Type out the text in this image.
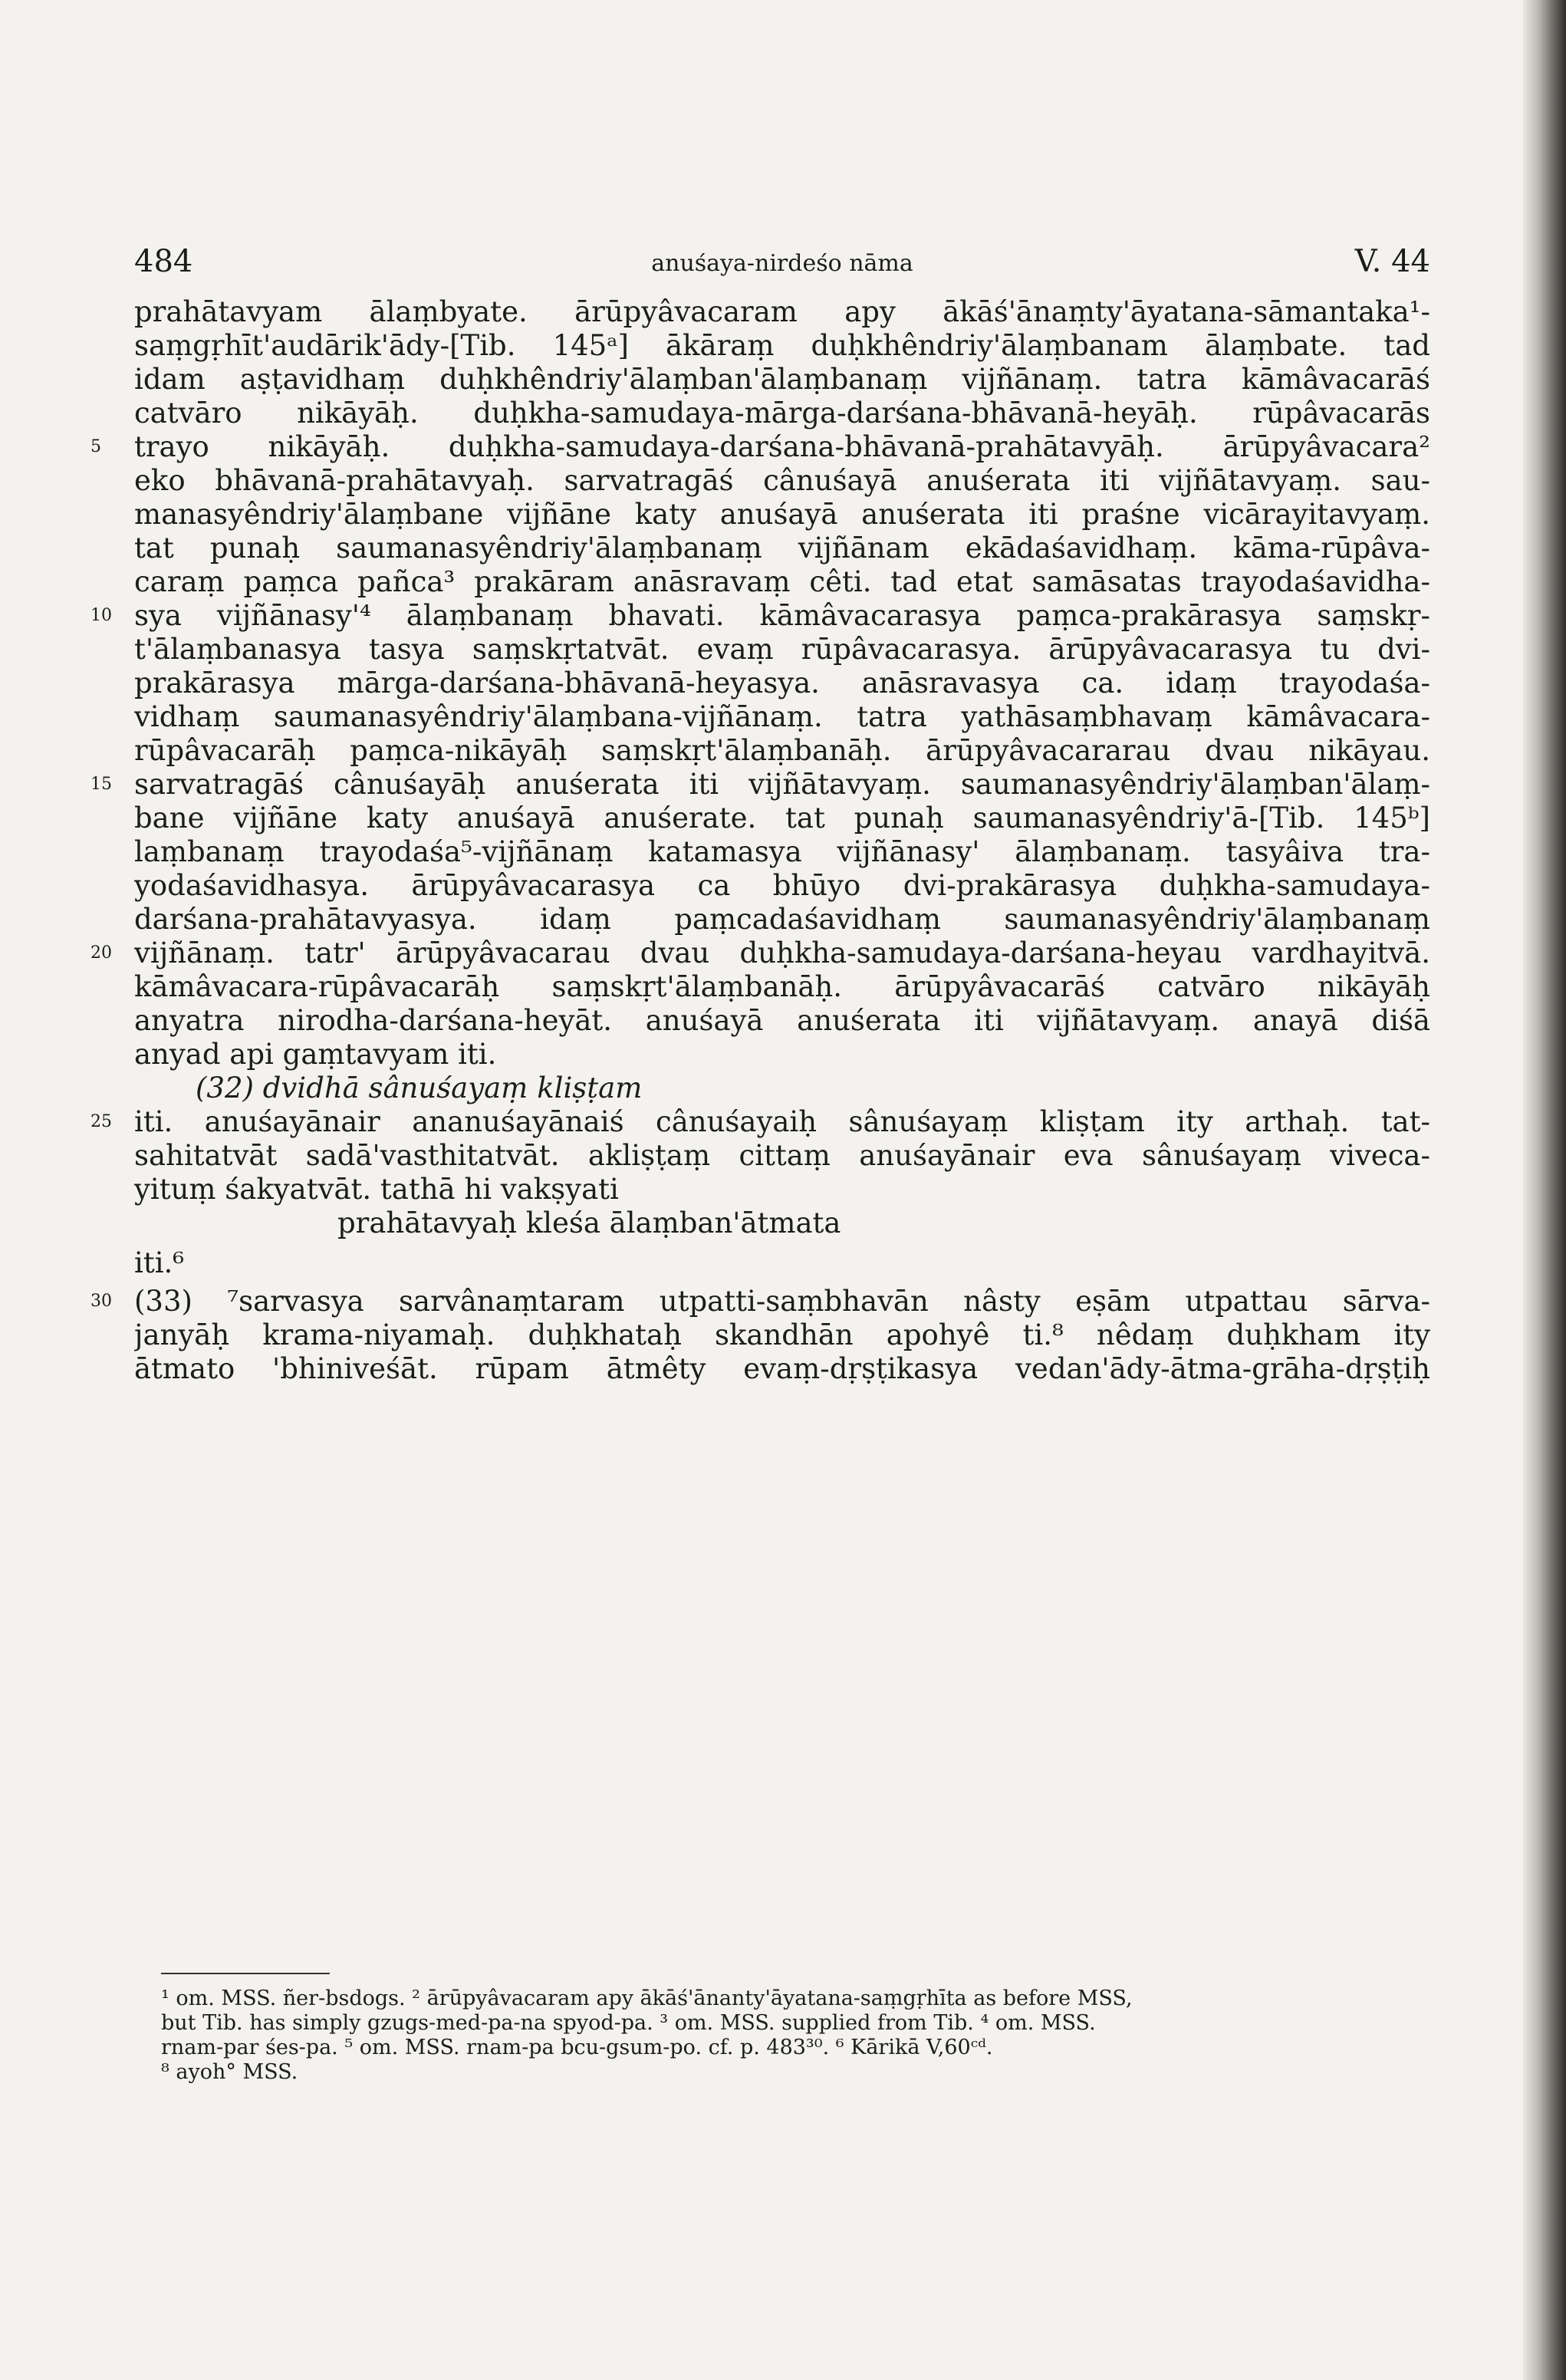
484	anuśaya-nirdeśo nāma	V. 44
prahātavyam ālaṃbyate. ārūpyâvacaram apy ākāś'ānaṃty'āyatana-sāmantaka¹-
saṃgṛhīt'audārik'ādy-[Tib. 145ᵃ] ākāraṃ duḥkhêndriy'ālaṃbanam ālaṃbate. tad
idam aṣṭavidhaṃ duḥkhêndriy'ālaṃban'ālaṃbanaṃ vijñānaṃ. tatra kāmâvacarāś
catvāro nikāyāḥ. duḥkha-samudaya-mārga-darśana-bhāvanā-heyāḥ. rūpâvacarās
trayo nikāyāḥ. duḥkha-samudaya-darśana-bhāvanā-prahātavyāḥ. ārūpyâvacara²
eko bhāvanā-prahātavyaḥ. sarvatragāś cânuśayā anuśerata iti vijñātavyaṃ. sau-
manasyêndriy'ālaṃbane vijñāne katy anuśayā anuśerata iti praśne vicārayitavyaṃ.
tat punaḥ saumanasyêndriy'ālaṃbanaṃ vijñānam ekādaśavidhaṃ. kāma-rūpâva-
caraṃ paṃca pañca³ prakāram anāsravaṃ cêti. tad etat samāsatas trayodaśavidha-
sya vijñānasy'⁴ ālaṃbanaṃ bhavati. kāmâvacarasya paṃca-prakārasya saṃskṛ-
t'ālaṃbanasya tasya saṃskṛtatvāt. evaṃ rūpâvacarasya. ārūpyâvacarasya tu dvi-
prakārasya mārga-darśana-bhāvanā-heyasya. anāsravasya ca. idaṃ trayodaśa-
vidhaṃ saumanasyêndriy'ālaṃbana-vijñānaṃ. tatra yathāsaṃbhavaṃ kāmâvacara-
rūpâvacarāḥ paṃca-nikāyāḥ saṃskṛt'ālaṃbanāḥ. ārūpyâvacararau dvau nikāyau.
sarvatragāś cânuśayāḥ anuśerata iti vijñātavyaṃ. saumanasyêndriy'ālaṃban'ālaṃ-
bane vijñāne katy anuśayā anuśerate. tat punaḥ saumanasyêndriy'ā-[Tib. 145ᵇ]
laṃbanaṃ trayodaśa⁵-vijñānaṃ katamasya vijñānasy' ālaṃbanaṃ. tasyâiva tra-
yodaśavidhasya. ārūpyâvacarasya ca bhūyo dvi-prakārasya duḥkha-samudaya-
darśana-prahātavyasya. idaṃ paṃcadaśavidhaṃ saumanasyêndriy'ālaṃbanaṃ
vijñānaṃ. tatr' ārūpyâvacarau dvau duḥkha-samudaya-darśana-heyau vardhayitvā.
kāmâvacara-rūpâvacarāḥ saṃskṛt'ālaṃbanāḥ. ārūpyâvacarāś catvāro nikāyāḥ
anyatra nirodha-darśana-heyāt. anuśayā anuśerata iti vijñātavyaṃ. anayā diśā
anyad api gaṃtavyam iti.
(32) dvidhā sânuśayaṃ kliṣṭam
iti. anuśayānair ananuśayānaiś cânuśayaiḥ sânuśayaṃ kliṣṭam ity arthaḥ. tat-
sahitatvāt sadā'vasthitatvāt. akliṣṭaṃ cittaṃ anuśayānair eva sânuśayaṃ viveca-
yituṃ śakyatvāt. tathā hi vakṣyati
prahātavyaḥ kleśa ālaṃban'ātmata
iti.⁶
(33) ⁷sarvasya sarvânaṃtaram utpatti-saṃbhavān nâsty eṣām utpattau sārva-
janyāḥ krama-niyamaḥ. duḥkhataḥ skandhān apohyê ti.⁸ nêdaṃ duḥkham ity
ātmato 'bhiniveśāt. rūpam ātmêty evaṃ-dṛṣṭikasya vedan'ādy-ātma-grāha-dṛṣṭiḥ
5
10
15
20
25
30
¹ om. MSS. ñer-bsdogs. ² ārūpyâvacaram apy ākāś'ānanty'āyatana-saṃgṛhīta as before MSS,
but Tib. has simply gzugs-med-pa-na spyod-pa. ³ om. MSS. supplied from Tib. ⁴ om. MSS.
rnam-par śes-pa. ⁵ om. MSS. rnam-pa bcu-gsum-po. cf. p. 483³⁰. ⁶ Kārikā V,60ᶜᵈ.
⁸ ayoh° MSS.
